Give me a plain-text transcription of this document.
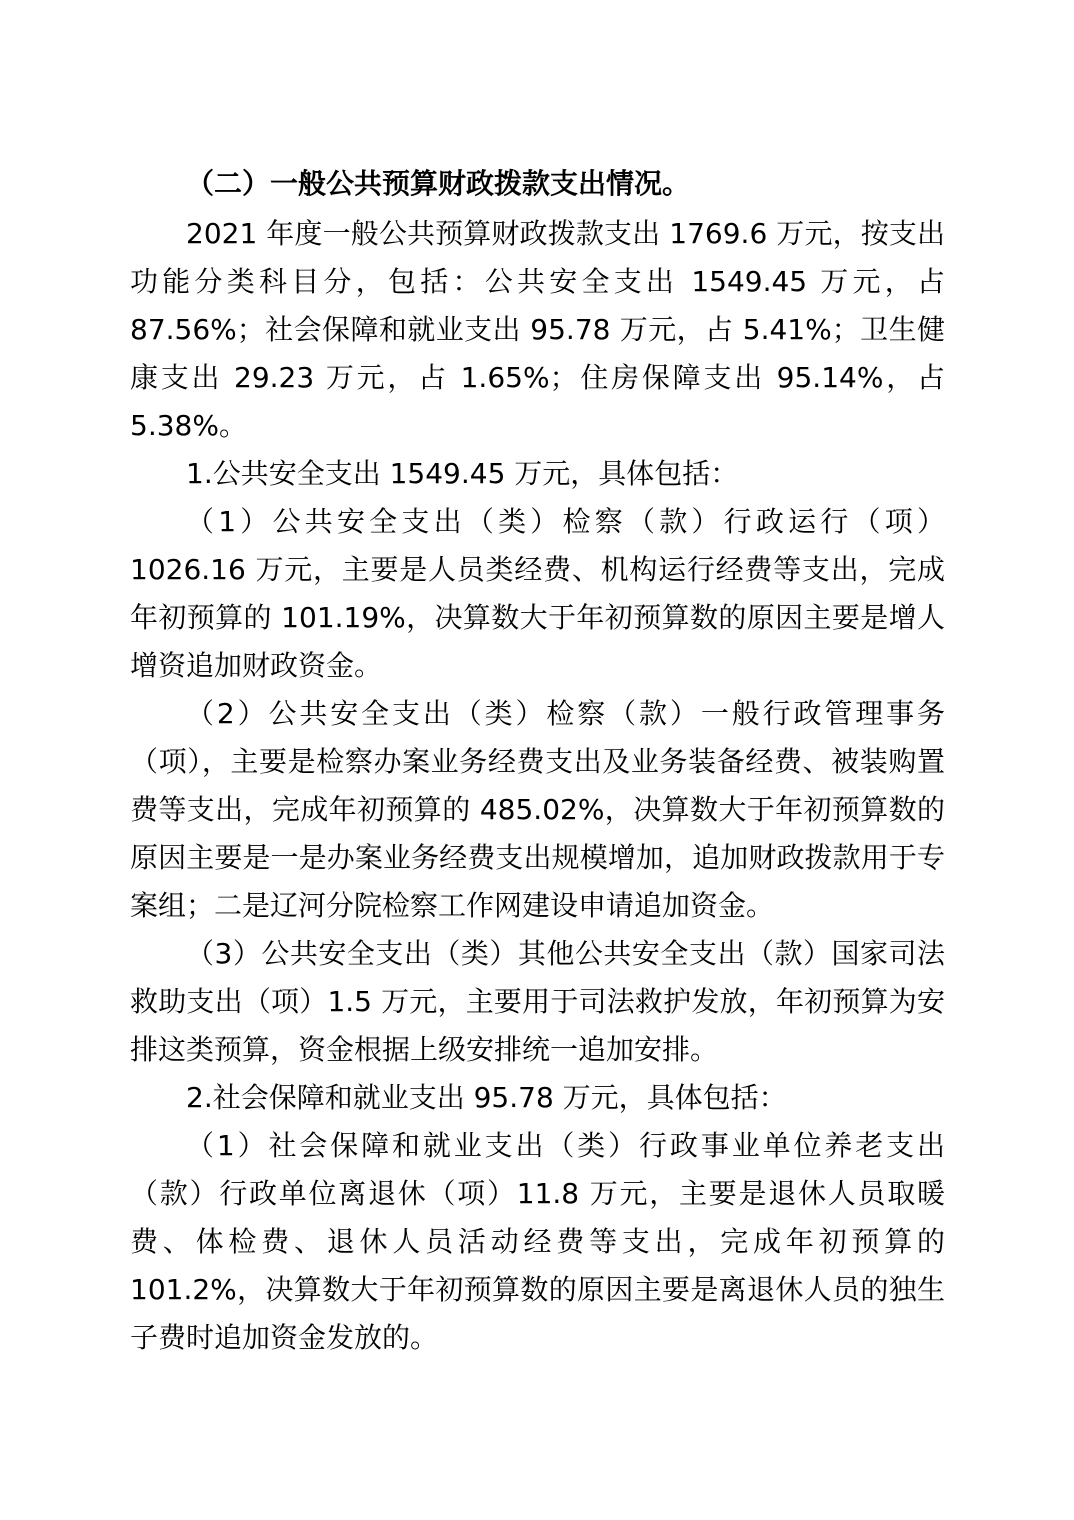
（二）一般公共预算财政拨款支出情况。

2021 年度一般公共预算财政拨款支出 1769.6 万元，按支出功能分类科目分，包括：公共安全支出 1549.45 万元，占 87.56%；社会保障和就业支出 95.78 万元，占 5.41%；卫生健康支出 29.23 万元，占 1.65%；住房保障支出 95.14%，占 5.38%。

1.公共安全支出 1549.45 万元，具体包括：

（1）公共安全支出（类）检察（款）行政运行（项）1026.16 万元，主要是人员类经费、机构运行经费等支出，完成年初预算的 101.19%，决算数大于年初预算数的原因主要是增人增资追加财政资金。

（2）公共安全支出（类）检察（款）一般行政管理事务（项），主要是检察办案业务经费支出及业务装备经费、被装购置费等支出，完成年初预算的 485.02%，决算数大于年初预算数的原因主要是一是办案业务经费支出规模增加，追加财政拨款用于专案组；二是辽河分院检察工作网建设申请追加资金。

（3）公共安全支出（类）其他公共安全支出（款）国家司法救助支出（项）1.5 万元，主要用于司法救护发放，年初预算为安排这类预算，资金根据上级安排统一追加安排。

2.社会保障和就业支出 95.78 万元，具体包括：

（1）社会保障和就业支出（类）行政事业单位养老支出（款）行政单位离退休（项）11.8 万元，主要是退休人员取暖费、体检费、退休人员活动经费等支出，完成年初预算的 101.2%，决算数大于年初预算数的原因主要是离退休人员的独生子费时追加资金发放的。
